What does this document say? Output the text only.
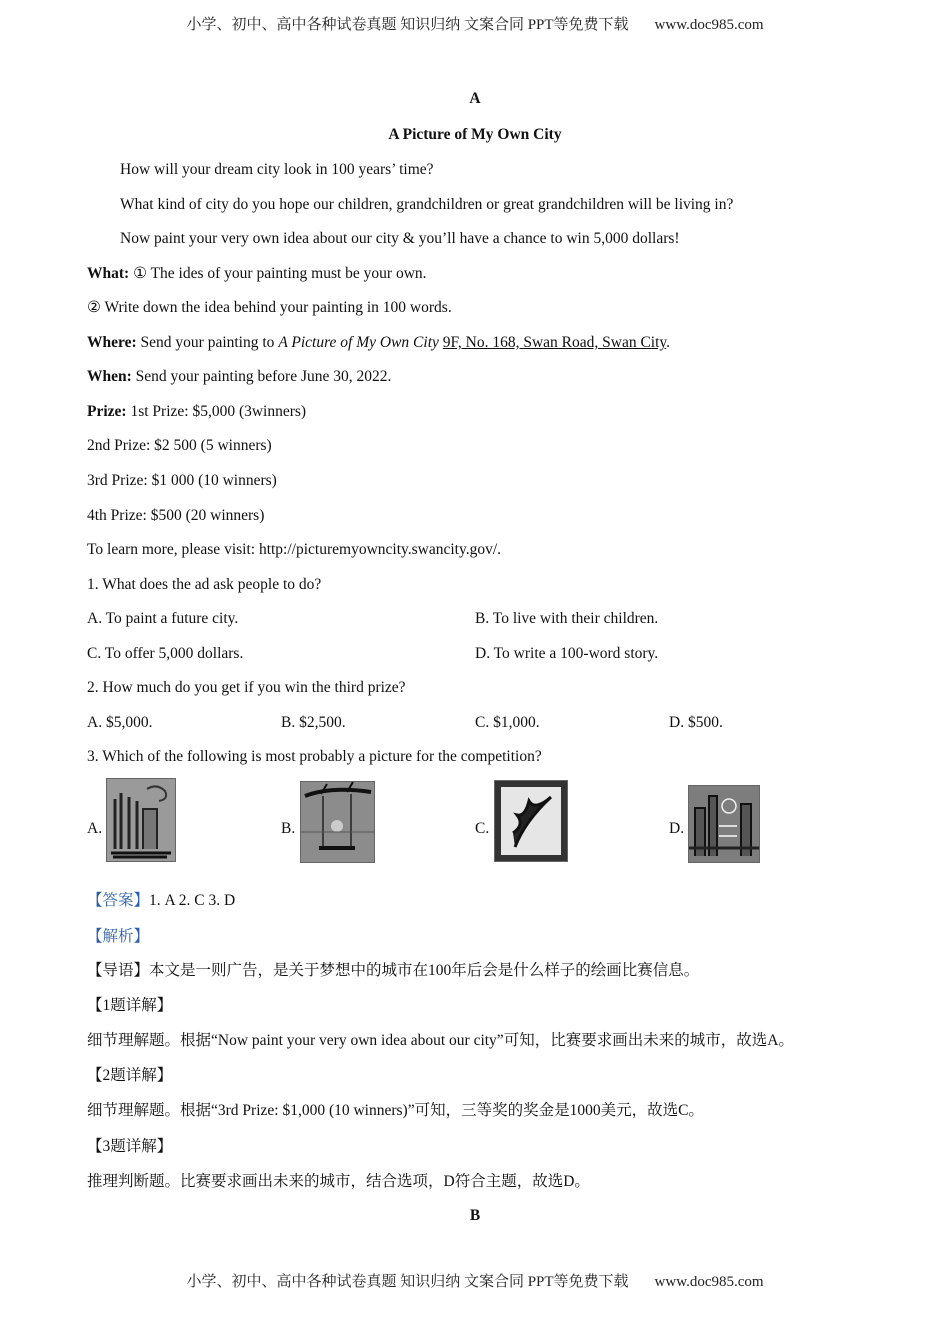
小学、初中、高中各种试卷真题 知识归纳 文案合同 PPT等免费下载 www.doc985.com
A
A Picture of My Own City
How will your dream city look in 100 years’ time?
What kind of city do you hope our children, grandchildren or great grandchildren will be living in?
Now paint your very own idea about our city & you’ll have a chance to win 5,000 dollars!
What: ① The ides of your painting must be your own.
② Write down the idea behind your painting in 100 words.
Where: Send your painting to A Picture of My Own City 9F, No. 168, Swan Road, Swan City.
When: Send your painting before June 30, 2022.
Prize: 1st Prize: $5,000 (3winners)
2nd Prize: $2 500 (5 winners)
3rd Prize: $1 000 (10 winners)
4th Prize: $500 (20 winners)
To learn more, please visit: http://picturemyowncity.swancity.gov/.
1. What does the ad ask people to do?
A. To paint a future city.	B. To live with their children.
C. To offer 5,000 dollars.	D. To write a 100-word story.
2. How much do you get if you win the third prize?
A. $5,000.	B. $2,500.	C. $1,000.	D. $500.
3. Which of the following is most probably a picture for the competition?
A.	B.	C.	D.
【答案】1. A 2. C 3. D
【解析】
【导语】本文是一则广告，是关于梦想中的城市在100年后会是什么样子的绘画比赛信息。
【1题详解】
细节理解题。根据“Now paint your very own idea about our city”可知，比赛要求画出未来的城市，故选A。
【2题详解】
细节理解题。根据“3rd Prize: $1,000 (10 winners)”可知，三等奖的奖金是1000美元，故选C。
【3题详解】
推理判断题。比赛要求画出未来的城市，结合选项，D符合主题，故选D。
B
小学、初中、高中各种试卷真题 知识归纳 文案合同 PPT等免费下载 www.doc985.com
